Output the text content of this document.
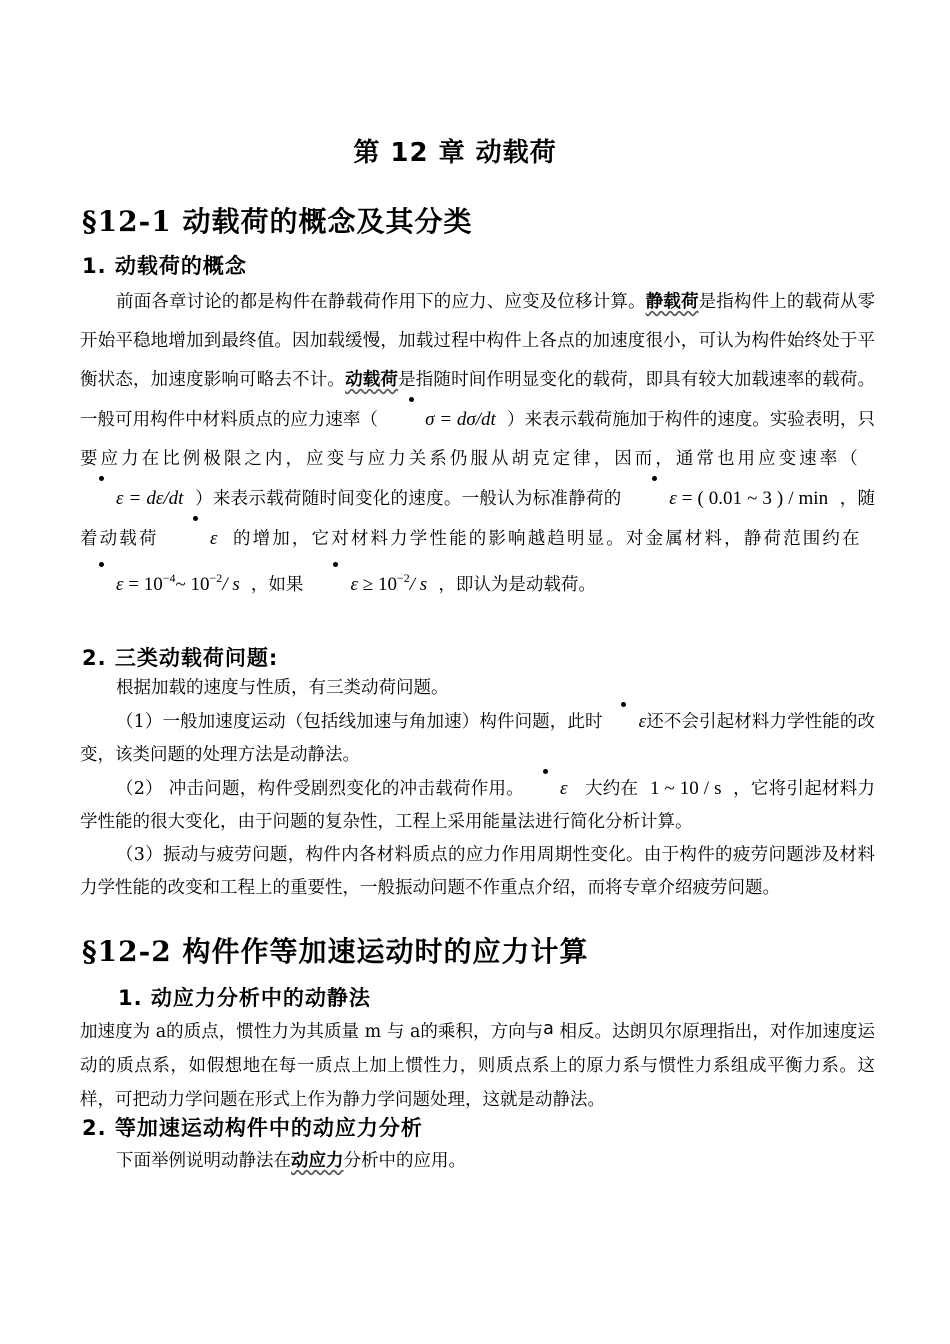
第 12 章 动载荷
§12-1 动载荷的概念及其分类
1. 动载荷的概念

前面各章讨论的都是构件在静载荷作用下的应力、应变及位移计算。静载荷是指构件上的载荷从零开始平稳地增加到最终值。因加载缓慢，加载过程中构件上各点的加速度很小，可认为构件始终处于平衡状态，加速度影响可略去不计。动载荷是指随时间作明显变化的载荷，即具有较大加载速率的载荷。一般可用构件中材料质点的应力速率（ σ = dσ/dt ）来表示载荷施加于构件的速度。实验表明，只要应力在比例极限之内，应变与应力关系仍服从胡克定律，因而，通常也用应变速率（  ε = dε/dt ）来表示载荷随时间变化的速度。一般认为标准静荷的	ε = ( 0.01 ~ 3 ) / min ，随着动载荷	ε 的增加，它对材料力学性能的影响越趋明显。对金属材料，静荷范围约在  $\varepsilon = 10^{-4}\sim$ $10^{-2}/$ s ，如果 $\varepsilon \ge 10^{-2}/$ s ，即认为是动载荷。

2. 三类动载荷问题:

根据加载的速度与性质，有三类动荷问题。

（1）一般加速度运动（包括线加速与角加速）构件问题，此时 ε还不会引起材料力学性能的改变，该类问题的处理方法是动静法。

（2） 冲击问题，构件受剧烈变化的冲击载荷作用。 ε 大约在 1 ~ 10 / s ，它将引起材料力学性能的很大变化，由于问题的复杂性，工程上采用能量法进行简化分析计算。

（3）振动与疲劳问题，构件内各材料质点的应力作用周期性变化。由于构件的疲劳问题涉及材料力学性能的改变和工程上的重要性，一般振动问题不作重点介绍，而将专章介绍疲劳问题。

§12-2 构件作等加速运动时的应力计算
1. 动应力分析中的动静法

加速度为 a的质点，惯性力为其质量 m 与 a的乘积，方向与a 相反。达朗贝尔原理指出，对作加速度运动的质点系，如假想地在每一质点上加上惯性力，则质点系上的原力系与惯性力系组成平衡力系。这样，可把动力学问题在形式上作为静力学问题处理，这就是动静法。

2. 等加速运动构件中的动应力分析

下面举例说明动静法在动应力分析中的应用。
